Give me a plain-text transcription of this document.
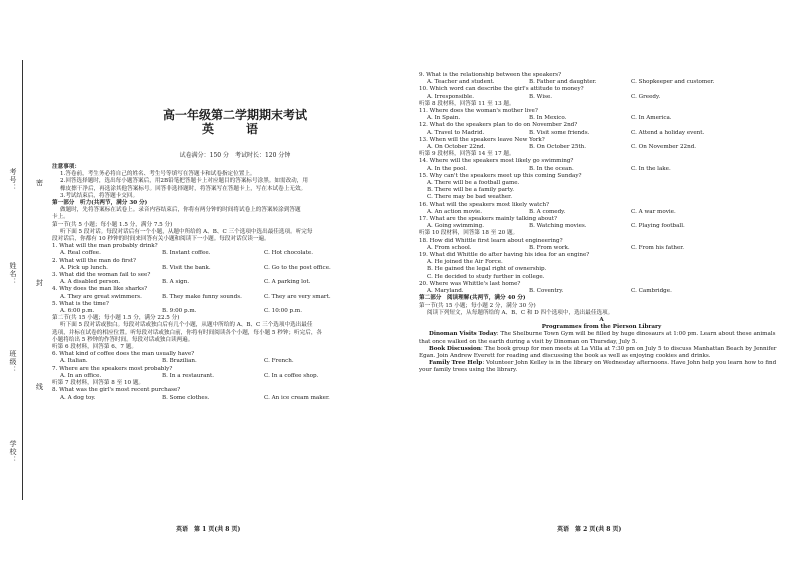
考号：
姓名：
班级：
学校：
密
封
线
高一年级第二学期期末考试
英　语
试卷满分：150 分　考试时长：120 分钟
注意事项：
1.答卷前，考生务必将自己的姓名、考生号等填写在答题卡和试卷指定位置上。
2.回答选择题时，选出每小题答案后，用2B铅笔把答题卡上对应题目的答案标号涂黑。如需改动，用
橡皮擦干净后，再选涂其他答案标号。回答非选择题时，将答案写在答题卡上，写在本试卷上无效。
3.考试结束后，将答题卡交回。
第一部分　听力(共两节，满分 30 分)
做题时，先将答案标在试卷上。录音内容结束后，你将有两分钟的时间将试卷上的答案转涂到答题
卡上。
第一节(共 5 小题；每小题 1.5 分，满分 7.5 分)
听下面 5 段对话。每段对话后有一个小题，从题中所给的 A、B、C 三个选项中选出最佳选项。听完每
段对话后，你都有 10 秒钟的时间来回答有关小题和阅读下一小题。每段对话仅读一遍。
1. What will the man probably drink?
A. Real coffee.	B. Instant coffee.	C. Hot chocolate.
2. What will the man do first?
A. Pick up lunch.	B. Visit the bank.	C. Go to the post office.
3. What did the woman fail to see?
A. A disabled person.	B. A sign.	C. A parking lot.
4. Why does the man like sharks?
A. They are great swimmers.	B. They make funny sounds.	C. They are very smart.
5. What is the time?
A. 6:00 p.m.	B. 9:00 p.m.	C. 10:00 p.m.
第二节(共 15 小题；每小题 1.5 分，满分 22.5 分)
听下面 5 段对话或独白。每段对话或独白后有几个小题，从题中所给的 A、B、C 三个选项中选出最佳
选项，并标在试卷的相应位置。听每段对话或独白前，你将有时间阅读各个小题，每小题 5 秒钟；听完后，各
小题将给出 5 秒钟的作答时间。每段对话或独白读两遍。
听第 6 段材料，回答第 6、7 题。
6. What kind of coffee does the man usually have?
A. Italian.	B. Brazilian.	C. French.
7. Where are the speakers most probably?
A. In an office.	B. In a restaurant.	C. In a coffee shop.
听第 7 段材料，回答第 8 至 10 题。
8. What was the girl's most recent purchase?
A. A dog toy.	B. Some clothes.	C. An ice cream maker.
英语　第 1 页(共 8 页)
9. What is the relationship between the speakers?
A. Teacher and student.	B. Father and daughter.	C. Shopkeeper and customer.
10. Which word can describe the girl's attitude to money?
A. Irresponsible.	B. Wise.	C. Greedy.
听第 8 段材料，回答第 11 至 13 题。
11. Where does the woman's mother live?
A. In Spain.	B. In Mexico.	C. In America.
12. What do the speakers plan to do on November 2nd?
A. Travel to Madrid.	B. Visit some friends.	C. Attend a holiday event.
13. When will the speakers leave New York?
A. On October 22nd.	B. On October 25th.	C. On November 22nd.
听第 9 段材料，回答第 14 至 17 题。
14. Where will the speakers most likely go swimming?
A. In the pool.	B. In the ocean.	C. In the lake.
15. Why can't the speakers meet up this coming Sunday?
A. There will be a football game.
B. There will be a family party.
C. There may be bad weather.
16. What will the speakers most likely watch?
A. An action movie.	B. A comedy.	C. A war movie.
17. What are the speakers mainly talking about?
A. Going swimming.	B. Watching movies.	C. Playing football.
听第 10 段材料，回答第 18 至 20 题。
18. How did Whittle first learn about engineering?
A. From school.	B. From work.	C. From his father.
19. What did Whittle do after having his idea for an engine?
A. He joined the Air Force.
B. He gained the legal right of ownership.
C. He decided to study further in college.
20. Where was Whittle's last home?
A. Maryland.	B. Coventry.	C. Cambridge.
第二部分　阅读理解(共两节，满分 40 分)
第一节(共 15 小题；每小题 2 分，满分 30 分)
阅读下列短文，从每题所给的 A、B、C 和 D 四个选项中，选出最佳选项。
A
Programmes from the Pierson Library
Dinoman Visits Today: The Shelburne Town Gym will be filled by huge dinosaurs at 1:00 pm. Learn about these animals that once walked on the earth during a visit by Dinoman on Thursday, July 5.
Book Discussion: The book group for men meets at La Villa at 7:30 pm on July 5 to discuss Manhattan Beach by Jennifer Egan. Join Andrew Everett for reading and discussing the book as well as enjoying cookies and drinks.
Family Tree Help: Volunteer John Kelley is in the library on Wednesday afternoons. Have John help you learn how to find your family trees using the library.
英语　第 2 页(共 8 页)
